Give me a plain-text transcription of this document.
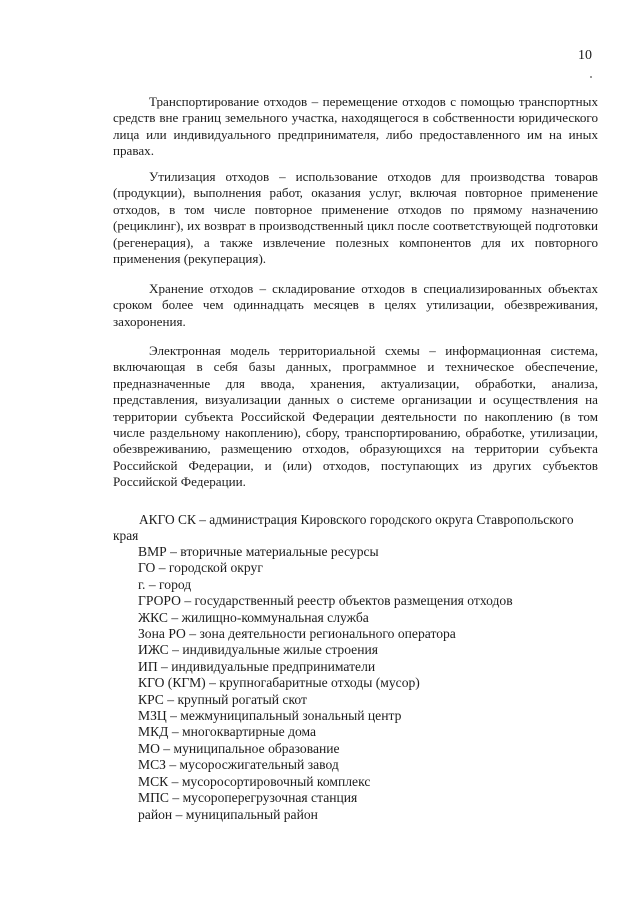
10

Транспортирование отходов – перемещение отходов с помощью транспортных средств вне границ земельного участка, находящегося в собственности юридического лица или индивидуального предпринимателя, либо предоставленного им на иных правах.

Утилизация отходов – использование отходов для производства товаров (продукции), выполнения работ, оказания услуг, включая повторное применение отходов, в том числе повторное применение отходов по прямому назначению (рециклинг), их возврат в производственный цикл после соответствующей подготовки (регенерация), а также извлечение полезных компонентов для их повторного применения (рекуперация).

Хранение отходов – складирование отходов в специализированных объектах сроком более чем одиннадцать месяцев в целях утилизации, обезвреживания, захоронения.

Электронная модель территориальной схемы – информационная система, включающая в себя базы данных, программное и техническое обеспечение, предназначенные для ввода, хранения, актуализации, обработки, анализа, представления, визуализации данных о системе организации и осуществления на территории субъекта Российской Федерации деятельности по накоплению (в том числе раздельному накоплению), сбору, транспортированию, обработке, утилизации, обезвреживанию, размещению отходов, образующихся на территории субъекта Российской Федерации, и (или) отходов, поступающих из других субъектов Российской Федерации.

АКГО СК – администрация Кировского городского округа Ставропольского края

ВМР – вторичные материальные ресурсы
ГО – городской округ
г. – город
ГРОРО – государственный реестр объектов размещения отходов
ЖКС – жилищно-коммунальная служба
Зона РО – зона деятельности регионального оператора
ИЖС – индивидуальные жилые строения
ИП – индивидуальные предприниматели
КГО (КГМ) – крупногабаритные отходы (мусор)
КРС – крупный рогатый скот
МЗЦ – межмуниципальный зональный центр
МКД – многоквартирные дома
МО – муниципальное образование
МСЗ – мусоросжигательный завод
МСК – мусоросортировочный комплекс
МПС – мусороперегрузочная станция
район – муниципальный район
